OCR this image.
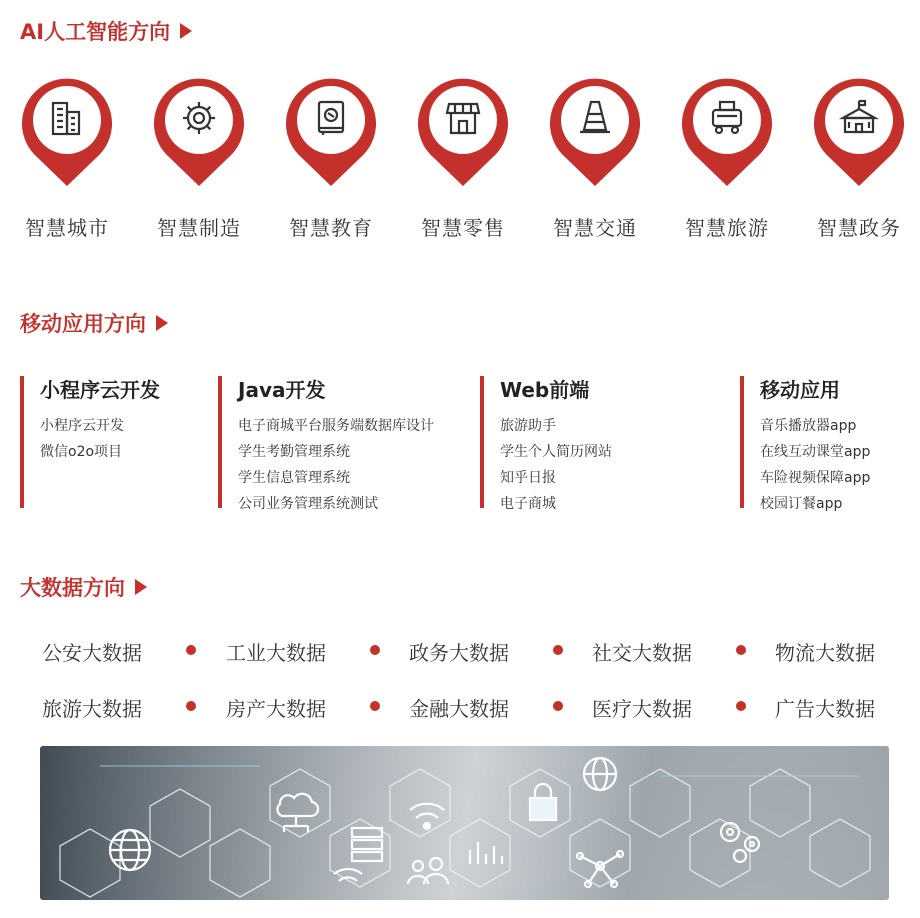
AI人工智能方向
智慧城市	智慧制造	智慧教育	智慧零售	智慧交通	智慧旅游	智慧政务
移动应用方向
小程序云开发
小程序云开发
微信o2o项目
Java开发
电子商城平台服务端数据库设计
学生考勤管理系统
学生信息管理系统
公司业务管理系统测试
Web前端
旅游助手
学生个人简历网站
知乎日报
电子商城
移动应用
音乐播放器app
在线互动课堂app
车险视频保障app
校园订餐app
大数据方向
公安大数据	工业大数据	政务大数据	社交大数据	物流大数据
旅游大数据	房产大数据	金融大数据	医疗大数据	广告大数据
